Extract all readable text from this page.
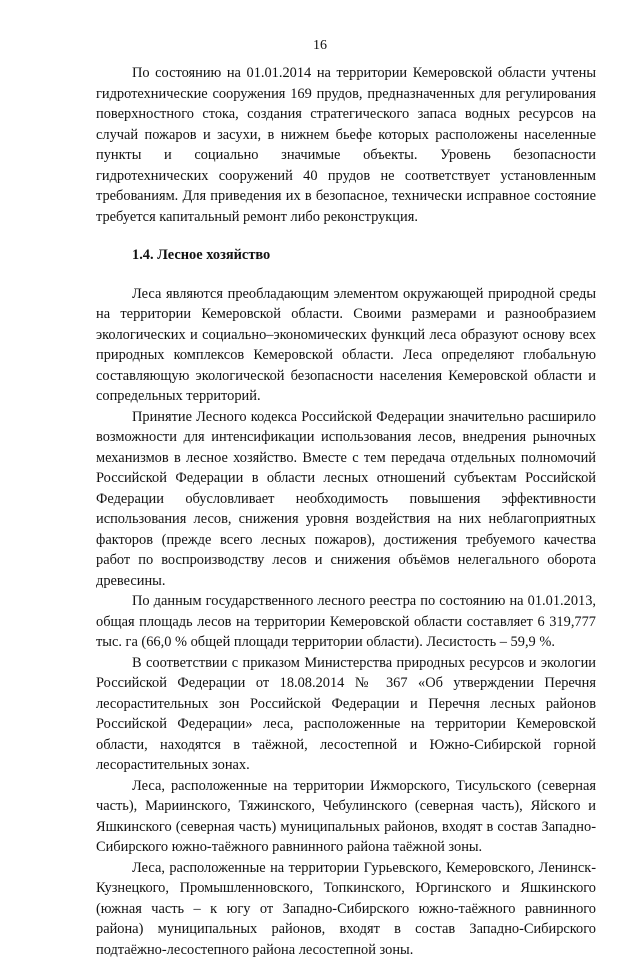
16

По состоянию на 01.01.2014 на территории Кемеровской области учтены гидротехнические сооружения 169 прудов, предназначенных для регулирования поверхностного стока, создания стратегического запаса водных ресурсов на случай пожаров и засухи, в нижнем бьефе которых расположены населенные пункты и социально значимые объекты. Уровень безопасности гидротехнических сооружений 40 прудов не соответствует установленным требованиям. Для приведения их в безопасное, технически исправное состояние требуется капитальный ремонт либо реконструкция.

1.4. Лесное хозяйство

Леса являются преобладающим элементом окружающей природной среды на территории Кемеровской области. Своими размерами и разнообразием экологических и социально–экономических функций леса образуют основу всех природных комплексов Кемеровской области. Леса определяют глобальную составляющую экологической безопасности населения Кемеровской области и сопредельных территорий.

Принятие Лесного кодекса Российской Федерации значительно расширило возможности для интенсификации использования лесов, внедрения рыночных механизмов в лесное хозяйство. Вместе с тем передача отдельных полномочий Российской Федерации в области лесных отношений субъектам Российской Федерации обусловливает необходимость повышения эффективности использования лесов, снижения уровня воздействия на них неблагоприятных факторов (прежде всего лесных пожаров), достижения требуемого качества работ по воспроизводству лесов и снижения объёмов нелегального оборота древесины.

По данным государственного лесного реестра по состоянию на 01.01.2013, общая площадь лесов на территории Кемеровской области составляет 6 319,777 тыс. га (66,0 % общей площади территории области). Лесистость – 59,9 %.

В соответствии с приказом Министерства природных ресурсов и экологии Российской Федерации от 18.08.2014 № 367 «Об утверждении Перечня лесорастительных зон Российской Федерации и Перечня лесных районов Российской Федерации» леса, расположенные на территории Кемеровской области, находятся в таёжной, лесостепной и Южно-Сибирской горной лесорастительных зонах.

Леса, расположенные на территории Ижморского, Тисульского (северная часть), Мариинского, Тяжинского, Чебулинского (северная часть), Яйского и Яшкинского (северная часть) муниципальных районов, входят в состав Западно-Сибирского южно-таёжного равнинного района таёжной зоны.

Леса, расположенные на территории Гурьевского, Кемеровского, Ленинск-Кузнецкого, Промышленновского, Топкинского, Юргинского и Яшкинского (южная часть – к югу от Западно-Сибирского южно-таёжного равнинного района) муниципальных районов, входят в состав Западно-Сибирского подтаёжно-лесостепного района лесостепной зоны.
